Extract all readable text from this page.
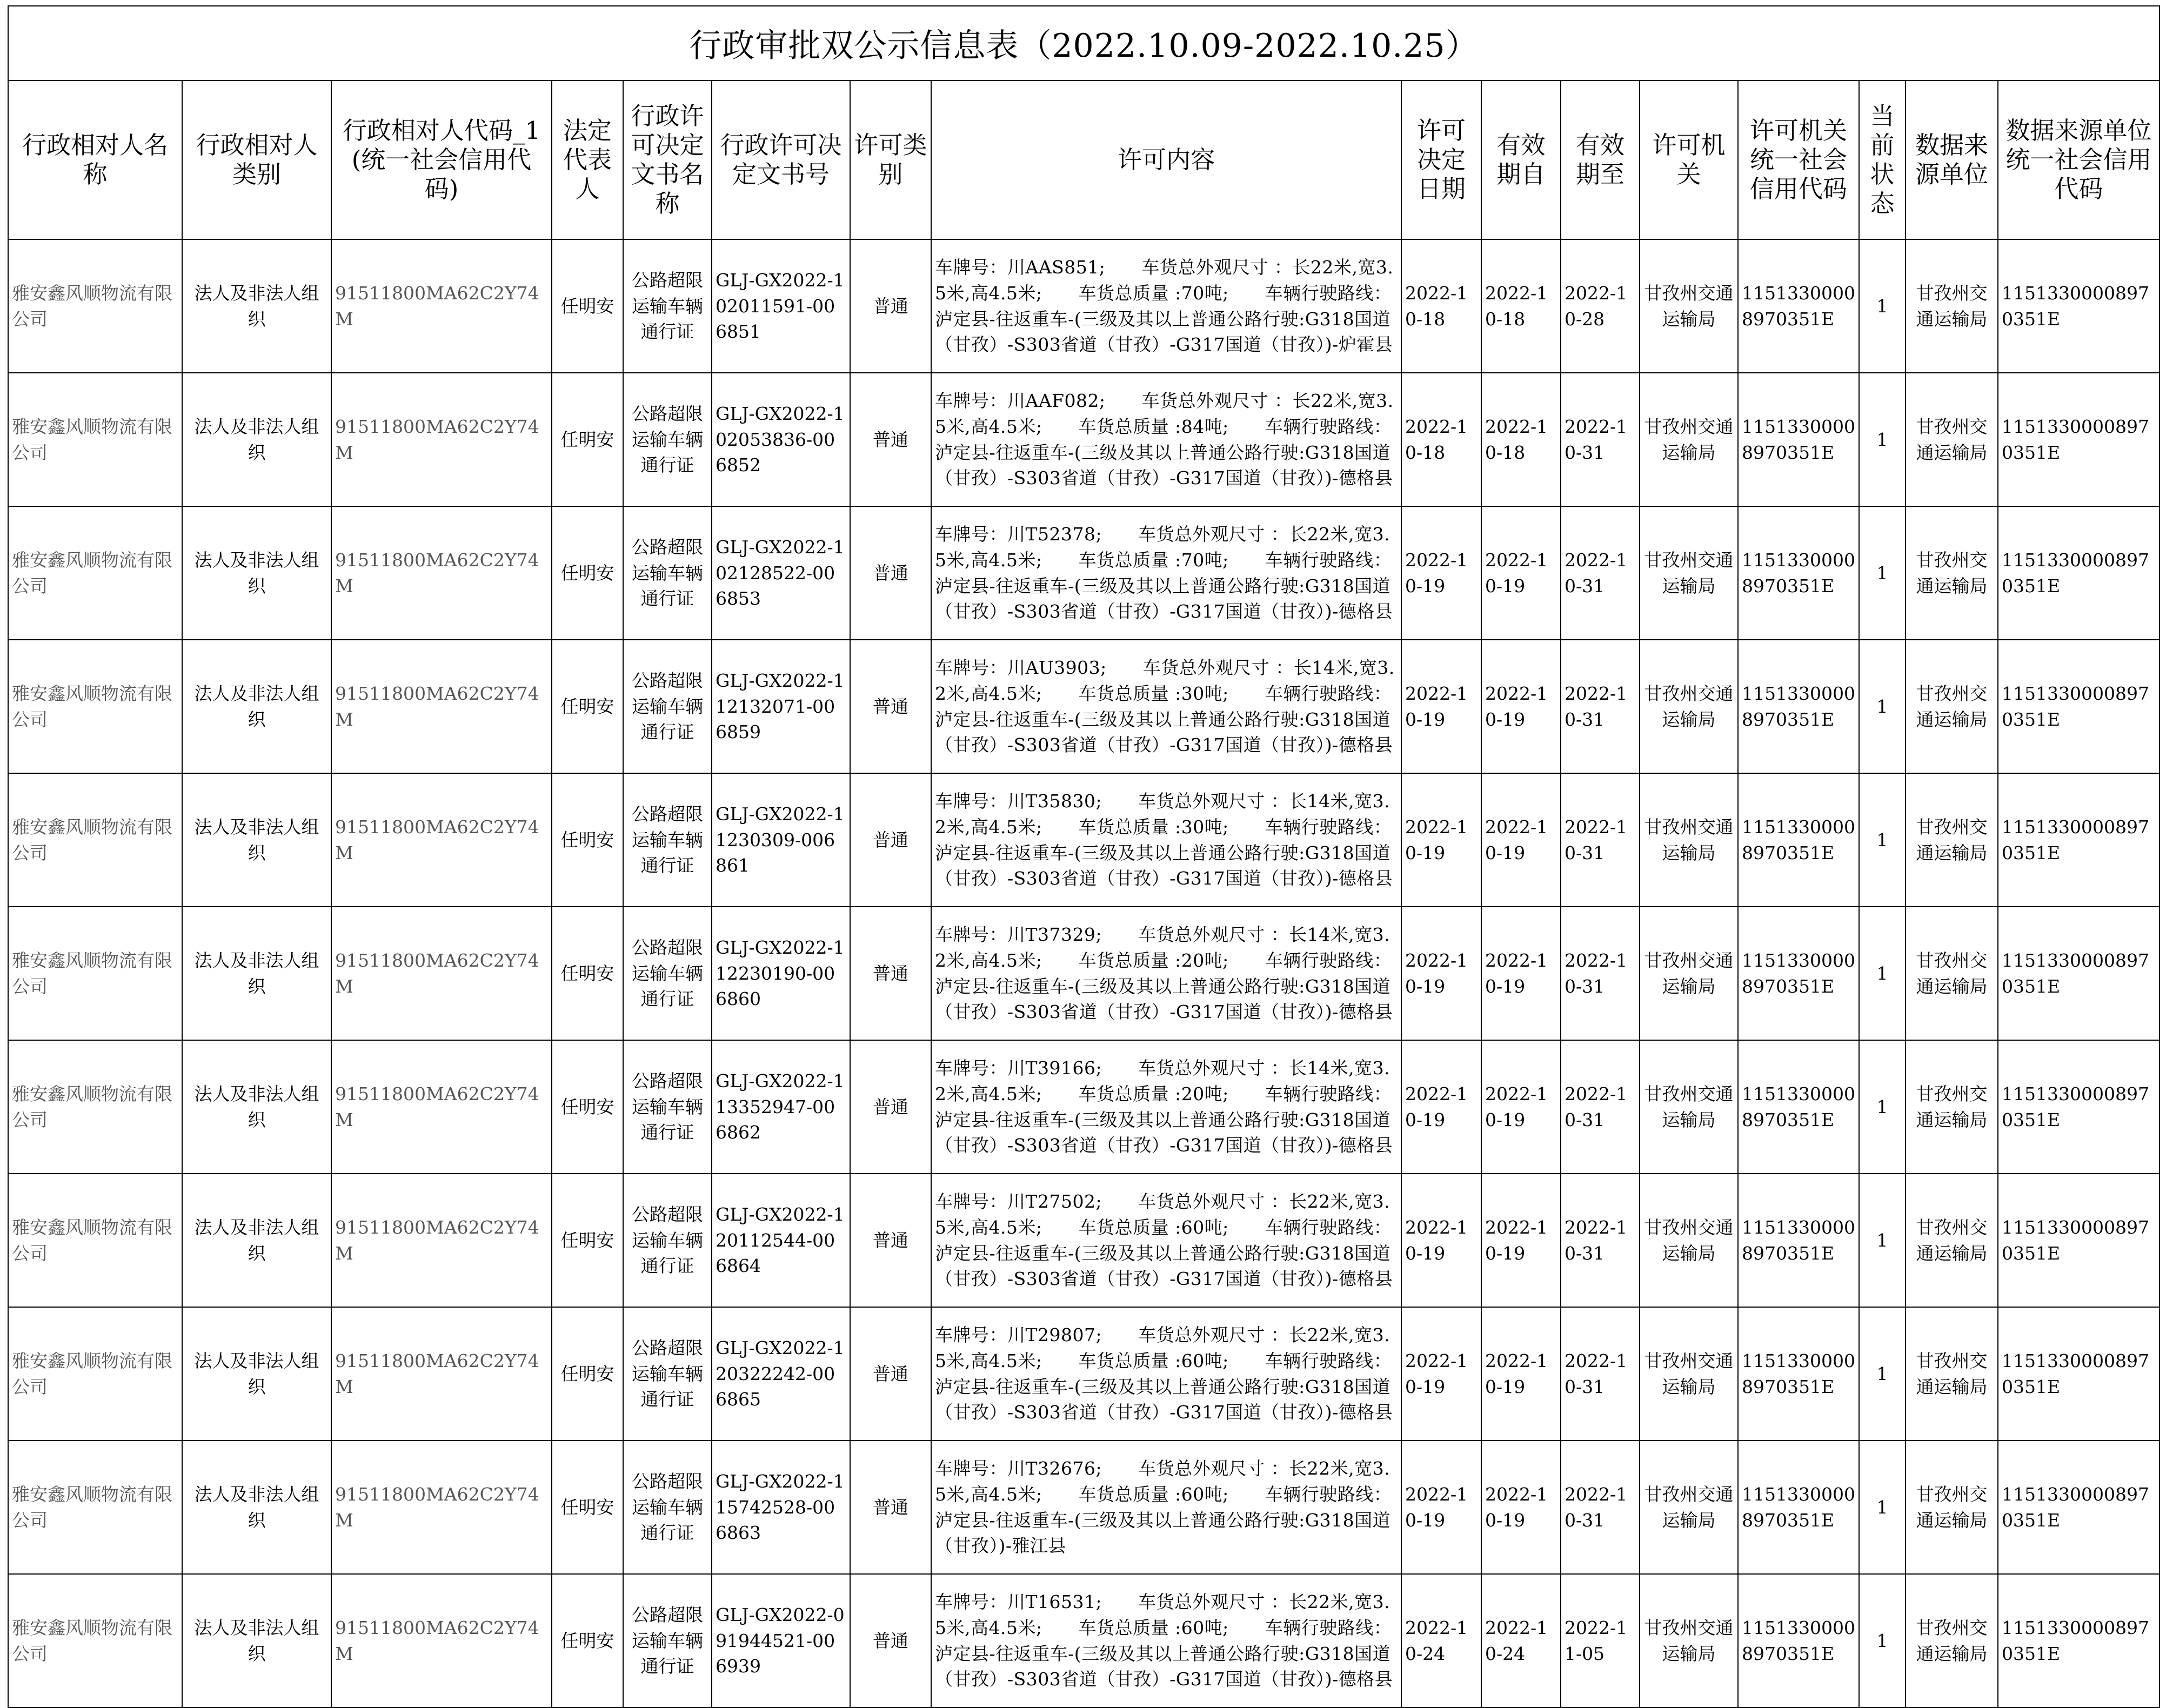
行政审批双公示信息表（2022.10.09-2022.10.25）															
行政相对人名称	行政相对人类别	行政相对人代码_1(统一社会信用代码)	法定代表人	行政许可决定文书名称	行政许可决定文书号	许可类别	许可内容	许可决定日期	有效期自	有效期至	许可机关	许可机关统一社会信用代码	当前状态	数据来源单位	数据来源单位统一社会信用代码
雅安鑫风顺物流有限公司	法人及非法人组织	91511800MA62C2Y74M	任明安	公路超限运输车辆通行证	GLJ-GX2022-102011591-006851	普通	车牌号：川AAS851;　　车货总外观尺寸 ：长22米,宽3.5米,高4.5米;　　车货总质量 :70吨;　　车辆行驶路线：泸定县-往返重车-(三级及其以上普通公路行驶:G318国道（甘孜）-S303省道（甘孜）-G317国道（甘孜）)-炉霍县	2022-10-18	2022-10-18	2022-10-28	甘孜州交通运输局	11513300008970351E	1	甘孜州交通运输局	11513300008970351E
雅安鑫风顺物流有限公司	法人及非法人组织	91511800MA62C2Y74M	任明安	公路超限运输车辆通行证	GLJ-GX2022-102053836-006852	普通	车牌号：川AAF082;　　车货总外观尺寸 ：长22米,宽3.5米,高4.5米;　　车货总质量 :84吨;　　车辆行驶路线：泸定县-往返重车-(三级及其以上普通公路行驶:G318国道（甘孜）-S303省道（甘孜）-G317国道（甘孜）)-德格县	2022-10-18	2022-10-18	2022-10-31	甘孜州交通运输局	11513300008970351E	1	甘孜州交通运输局	11513300008970351E
雅安鑫风顺物流有限公司	法人及非法人组织	91511800MA62C2Y74M	任明安	公路超限运输车辆通行证	GLJ-GX2022-102128522-006853	普通	车牌号：川T52378;　　车货总外观尺寸 ：长22米,宽3.5米,高4.5米;　　车货总质量 :70吨;　　车辆行驶路线：泸定县-往返重车-(三级及其以上普通公路行驶:G318国道（甘孜）-S303省道（甘孜）-G317国道（甘孜）)-德格县	2022-10-19	2022-10-19	2022-10-31	甘孜州交通运输局	11513300008970351E	1	甘孜州交通运输局	11513300008970351E
雅安鑫风顺物流有限公司	法人及非法人组织	91511800MA62C2Y74M	任明安	公路超限运输车辆通行证	GLJ-GX2022-112132071-006859	普通	车牌号：川AU3903;　　车货总外观尺寸 ：长14米,宽3.2米,高4.5米;　　车货总质量 :30吨;　　车辆行驶路线：泸定县-往返重车-(三级及其以上普通公路行驶:G318国道（甘孜）-S303省道（甘孜）-G317国道（甘孜）)-德格县	2022-10-19	2022-10-19	2022-10-31	甘孜州交通运输局	11513300008970351E	1	甘孜州交通运输局	11513300008970351E
雅安鑫风顺物流有限公司	法人及非法人组织	91511800MA62C2Y74M	任明安	公路超限运输车辆通行证	GLJ-GX2022-11230309-006861	普通	车牌号：川T35830;　　车货总外观尺寸 ：长14米,宽3.2米,高4.5米;　　车货总质量 :30吨;　　车辆行驶路线：泸定县-往返重车-(三级及其以上普通公路行驶:G318国道（甘孜）-S303省道（甘孜）-G317国道（甘孜）)-德格县	2022-10-19	2022-10-19	2022-10-31	甘孜州交通运输局	11513300008970351E	1	甘孜州交通运输局	11513300008970351E
雅安鑫风顺物流有限公司	法人及非法人组织	91511800MA62C2Y74M	任明安	公路超限运输车辆通行证	GLJ-GX2022-112230190-006860	普通	车牌号：川T37329;　　车货总外观尺寸 ：长14米,宽3.2米,高4.5米;　　车货总质量 :20吨;　　车辆行驶路线：泸定县-往返重车-(三级及其以上普通公路行驶:G318国道（甘孜）-S303省道（甘孜）-G317国道（甘孜）)-德格县	2022-10-19	2022-10-19	2022-10-31	甘孜州交通运输局	11513300008970351E	1	甘孜州交通运输局	11513300008970351E
雅安鑫风顺物流有限公司	法人及非法人组织	91511800MA62C2Y74M	任明安	公路超限运输车辆通行证	GLJ-GX2022-113352947-006862	普通	车牌号：川T39166;　　车货总外观尺寸 ：长14米,宽3.2米,高4.5米;　　车货总质量 :20吨;　　车辆行驶路线：泸定县-往返重车-(三级及其以上普通公路行驶:G318国道（甘孜）-S303省道（甘孜）-G317国道（甘孜）)-德格县	2022-10-19	2022-10-19	2022-10-31	甘孜州交通运输局	11513300008970351E	1	甘孜州交通运输局	11513300008970351E
雅安鑫风顺物流有限公司	法人及非法人组织	91511800MA62C2Y74M	任明安	公路超限运输车辆通行证	GLJ-GX2022-120112544-006864	普通	车牌号：川T27502;　　车货总外观尺寸 ：长22米,宽3.5米,高4.5米;　　车货总质量 :60吨;　　车辆行驶路线：泸定县-往返重车-(三级及其以上普通公路行驶:G318国道（甘孜）-S303省道（甘孜）-G317国道（甘孜）)-德格县	2022-10-19	2022-10-19	2022-10-31	甘孜州交通运输局	11513300008970351E	1	甘孜州交通运输局	11513300008970351E
雅安鑫风顺物流有限公司	法人及非法人组织	91511800MA62C2Y74M	任明安	公路超限运输车辆通行证	GLJ-GX2022-120322242-006865	普通	车牌号：川T29807;　　车货总外观尺寸 ：长22米,宽3.5米,高4.5米;　　车货总质量 :60吨;　　车辆行驶路线：泸定县-往返重车-(三级及其以上普通公路行驶:G318国道（甘孜）-S303省道（甘孜）-G317国道（甘孜）)-德格县	2022-10-19	2022-10-19	2022-10-31	甘孜州交通运输局	11513300008970351E	1	甘孜州交通运输局	11513300008970351E
雅安鑫风顺物流有限公司	法人及非法人组织	91511800MA62C2Y74M	任明安	公路超限运输车辆通行证	GLJ-GX2022-115742528-006863	普通	车牌号：川T32676;　　车货总外观尺寸 ：长22米,宽3.5米,高4.5米;　　车货总质量 :60吨;　　车辆行驶路线：泸定县-往返重车-(三级及其以上普通公路行驶:G318国道（甘孜）)-雅江县	2022-10-19	2022-10-19	2022-10-31	甘孜州交通运输局	11513300008970351E	1	甘孜州交通运输局	11513300008970351E
雅安鑫风顺物流有限公司	法人及非法人组织	91511800MA62C2Y74M	任明安	公路超限运输车辆通行证	GLJ-GX2022-091944521-006939	普通	车牌号：川T16531;　　车货总外观尺寸 ：长22米,宽3.5米,高4.5米;　　车货总质量 :60吨;　　车辆行驶路线：泸定县-往返重车-(三级及其以上普通公路行驶:G318国道（甘孜）-S303省道（甘孜）-G317国道（甘孜）)-德格县	2022-10-24	2022-10-24	2022-11-05	甘孜州交通运输局	11513300008970351E	1	甘孜州交通运输局	11513300008970351E
